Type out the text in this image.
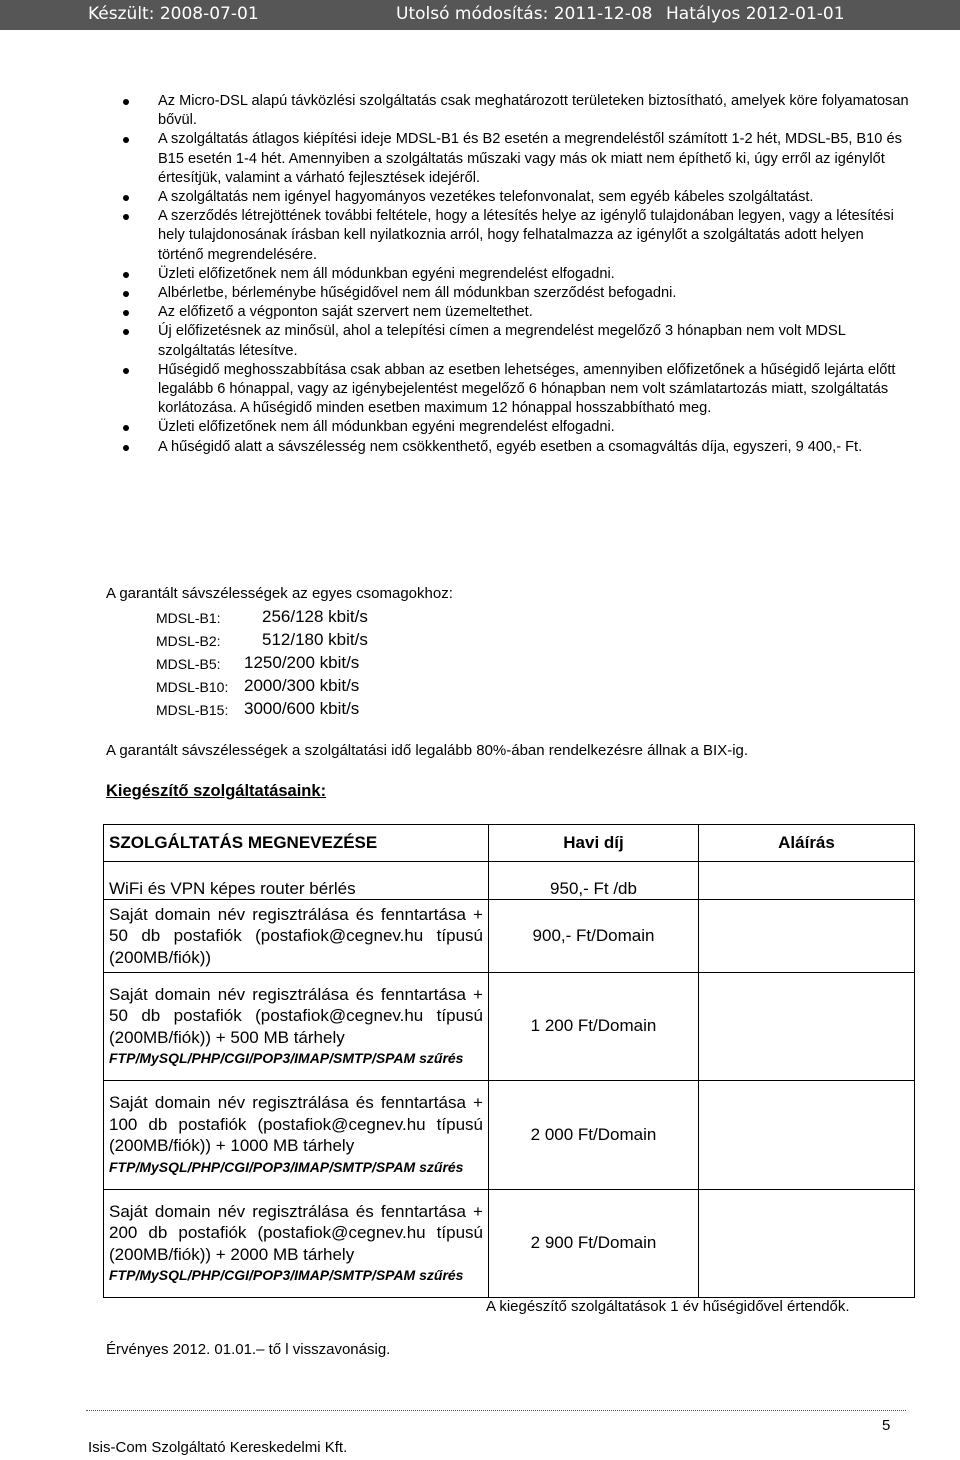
Készült: 2008-07-01	Utolsó módosítás: 2011-12-08 Hatályos 2012-01-01
Az Micro-DSL alapú távközlési szolgáltatás csak meghatározott területeken biztosítható, amelyek köre folyamatosan bővül.
A szolgáltatás átlagos kiépítési ideje MDSL-B1 és B2 esetén a megrendeléstől számított 1-2 hét, MDSL-B5, B10 és B15 esetén 1-4 hét. Amennyiben a szolgáltatás műszaki vagy más ok miatt nem építhető ki, úgy erről az igénylőt értesítjük, valamint a várható fejlesztések idejéről.
A szolgáltatás nem igényel hagyományos vezetékes telefonvonalat, sem egyéb kábeles szolgáltatást.
A szerződés létrejöttének további feltétele, hogy a létesítés helye az igénylő tulajdonában legyen, vagy a létesítési hely tulajdonosának írásban kell nyilatkoznia arról, hogy felhatalmazza az igénylőt a szolgáltatás adott helyen történő megrendelésére.
Üzleti előfizetőnek nem áll módunkban egyéni megrendelést elfogadni.
Albérletbe, bérleménybe hűségidővel nem áll módunkban szerződést befogadni.
Az előfizető a végponton saját szervert nem üzemeltethet.
Új előfizetésnek az minősül, ahol a telepítési címen a megrendelést megelőző 3 hónapban nem volt MDSL szolgáltatás létesítve.
Hűségidő meghosszabbítása csak abban az esetben lehetséges, amennyiben előfizetőnek a hűségidő lejárta előtt legalább 6 hónappal, vagy az igénybejelentést megelőző 6 hónapban nem volt számlatartozás miatt, szolgáltatás korlátozása. A hűségidő minden esetben maximum 12 hónappal hosszabbítható meg.
Üzleti előfizetőnek nem áll módunkban egyéni megrendelést elfogadni.
A hűségidő alatt a sávszélesség nem csökkenthető, egyéb esetben a csomagváltás díja, egyszeri, 9 400,- Ft.
A garantált sávszélességek az egyes csomagokhoz:
MDSL-B1: 256/128 kbit/s
MDSL-B2: 512/180 kbit/s
MDSL-B5: 1250/200 kbit/s
MDSL-B10: 2000/300 kbit/s
MDSL-B15: 3000/600 kbit/s
A garantált sávszélességek a szolgáltatási idő legalább 80%-ában rendelkezésre állnak a BIX-ig.
Kiegészítő szolgáltatásaink:
SZOLGÁLTATÁS MEGNEVEZÉSE	Havi díj	Aláírás
WiFi és VPN képes router bérlés	950,- Ft /db	
Saját domain név regisztrálása és fenntartása + 50 db postafiók (postafiok@cegnev.hu típusú (200MB/fiók))	900,- Ft/Domain	
Saját domain név regisztrálása és fenntartása + 50 db postafiók (postafiok@cegnev.hu típusú (200MB/fiók)) + 500 MB tárhely
FTP/MySQL/PHP/CGI/POP3/IMAP/SMTP/SPAM szűrés	1 200 Ft/Domain	
Saját domain név regisztrálása és fenntartása + 100 db postafiók (postafiok@cegnev.hu típusú (200MB/fiók)) + 1000 MB tárhely
FTP/MySQL/PHP/CGI/POP3/IMAP/SMTP/SPAM szűrés	2 000 Ft/Domain	
Saját domain név regisztrálása és fenntartása + 200 db postafiók (postafiok@cegnev.hu típusú (200MB/fiók)) + 2000 MB tárhely
FTP/MySQL/PHP/CGI/POP3/IMAP/SMTP/SPAM szűrés	2 900 Ft/Domain	
A kiegészítő szolgáltatások 1 év hűségidővel értendők.
Érvényes 2012. 01.01.– tő l visszavonásig.
5
Isis-Com Szolgáltató Kereskedelmi Kft.
